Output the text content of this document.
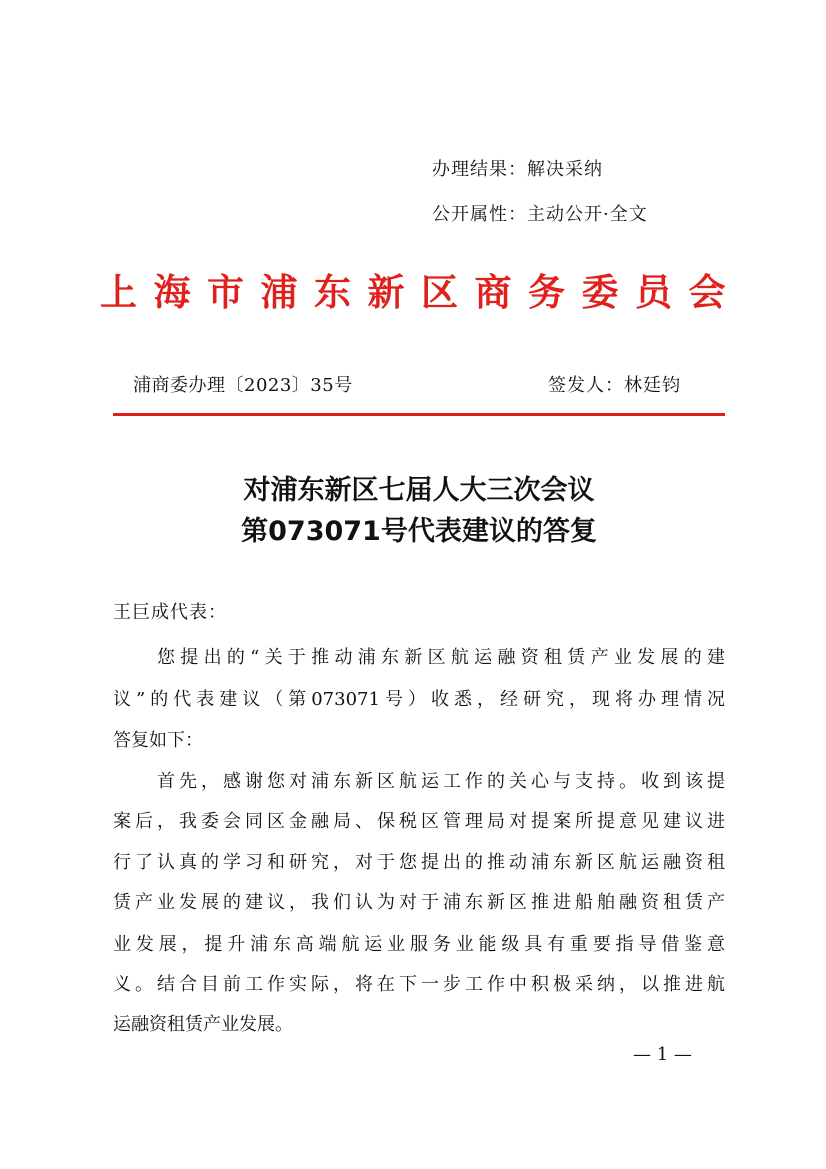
办理结果：解决采纳
公开属性：主动公开·全文
上海市浦东新区商务委员会
浦商委办理〔2023〕35号	签发人：林廷钧
对浦东新区七届人大三次会议
第073071号代表建议的答复
王巨成代表：
您提出的“关于推动浦东新区航运融资租赁产业发展的建
议”的代表建议（第073071号）收悉，经研究，现将办理情况
答复如下：
首先，感谢您对浦东新区航运工作的关心与支持。收到该提
案后，我委会同区金融局、保税区管理局对提案所提意见建议进
行了认真的学习和研究，对于您提出的推动浦东新区航运融资租
赁产业发展的建议，我们认为对于浦东新区推进船舶融资租赁产
业发展，提升浦东高端航运业服务业能级具有重要指导借鉴意
义。结合目前工作实际，将在下一步工作中积极采纳，以推进航
运融资租赁产业发展。
— 1 —
